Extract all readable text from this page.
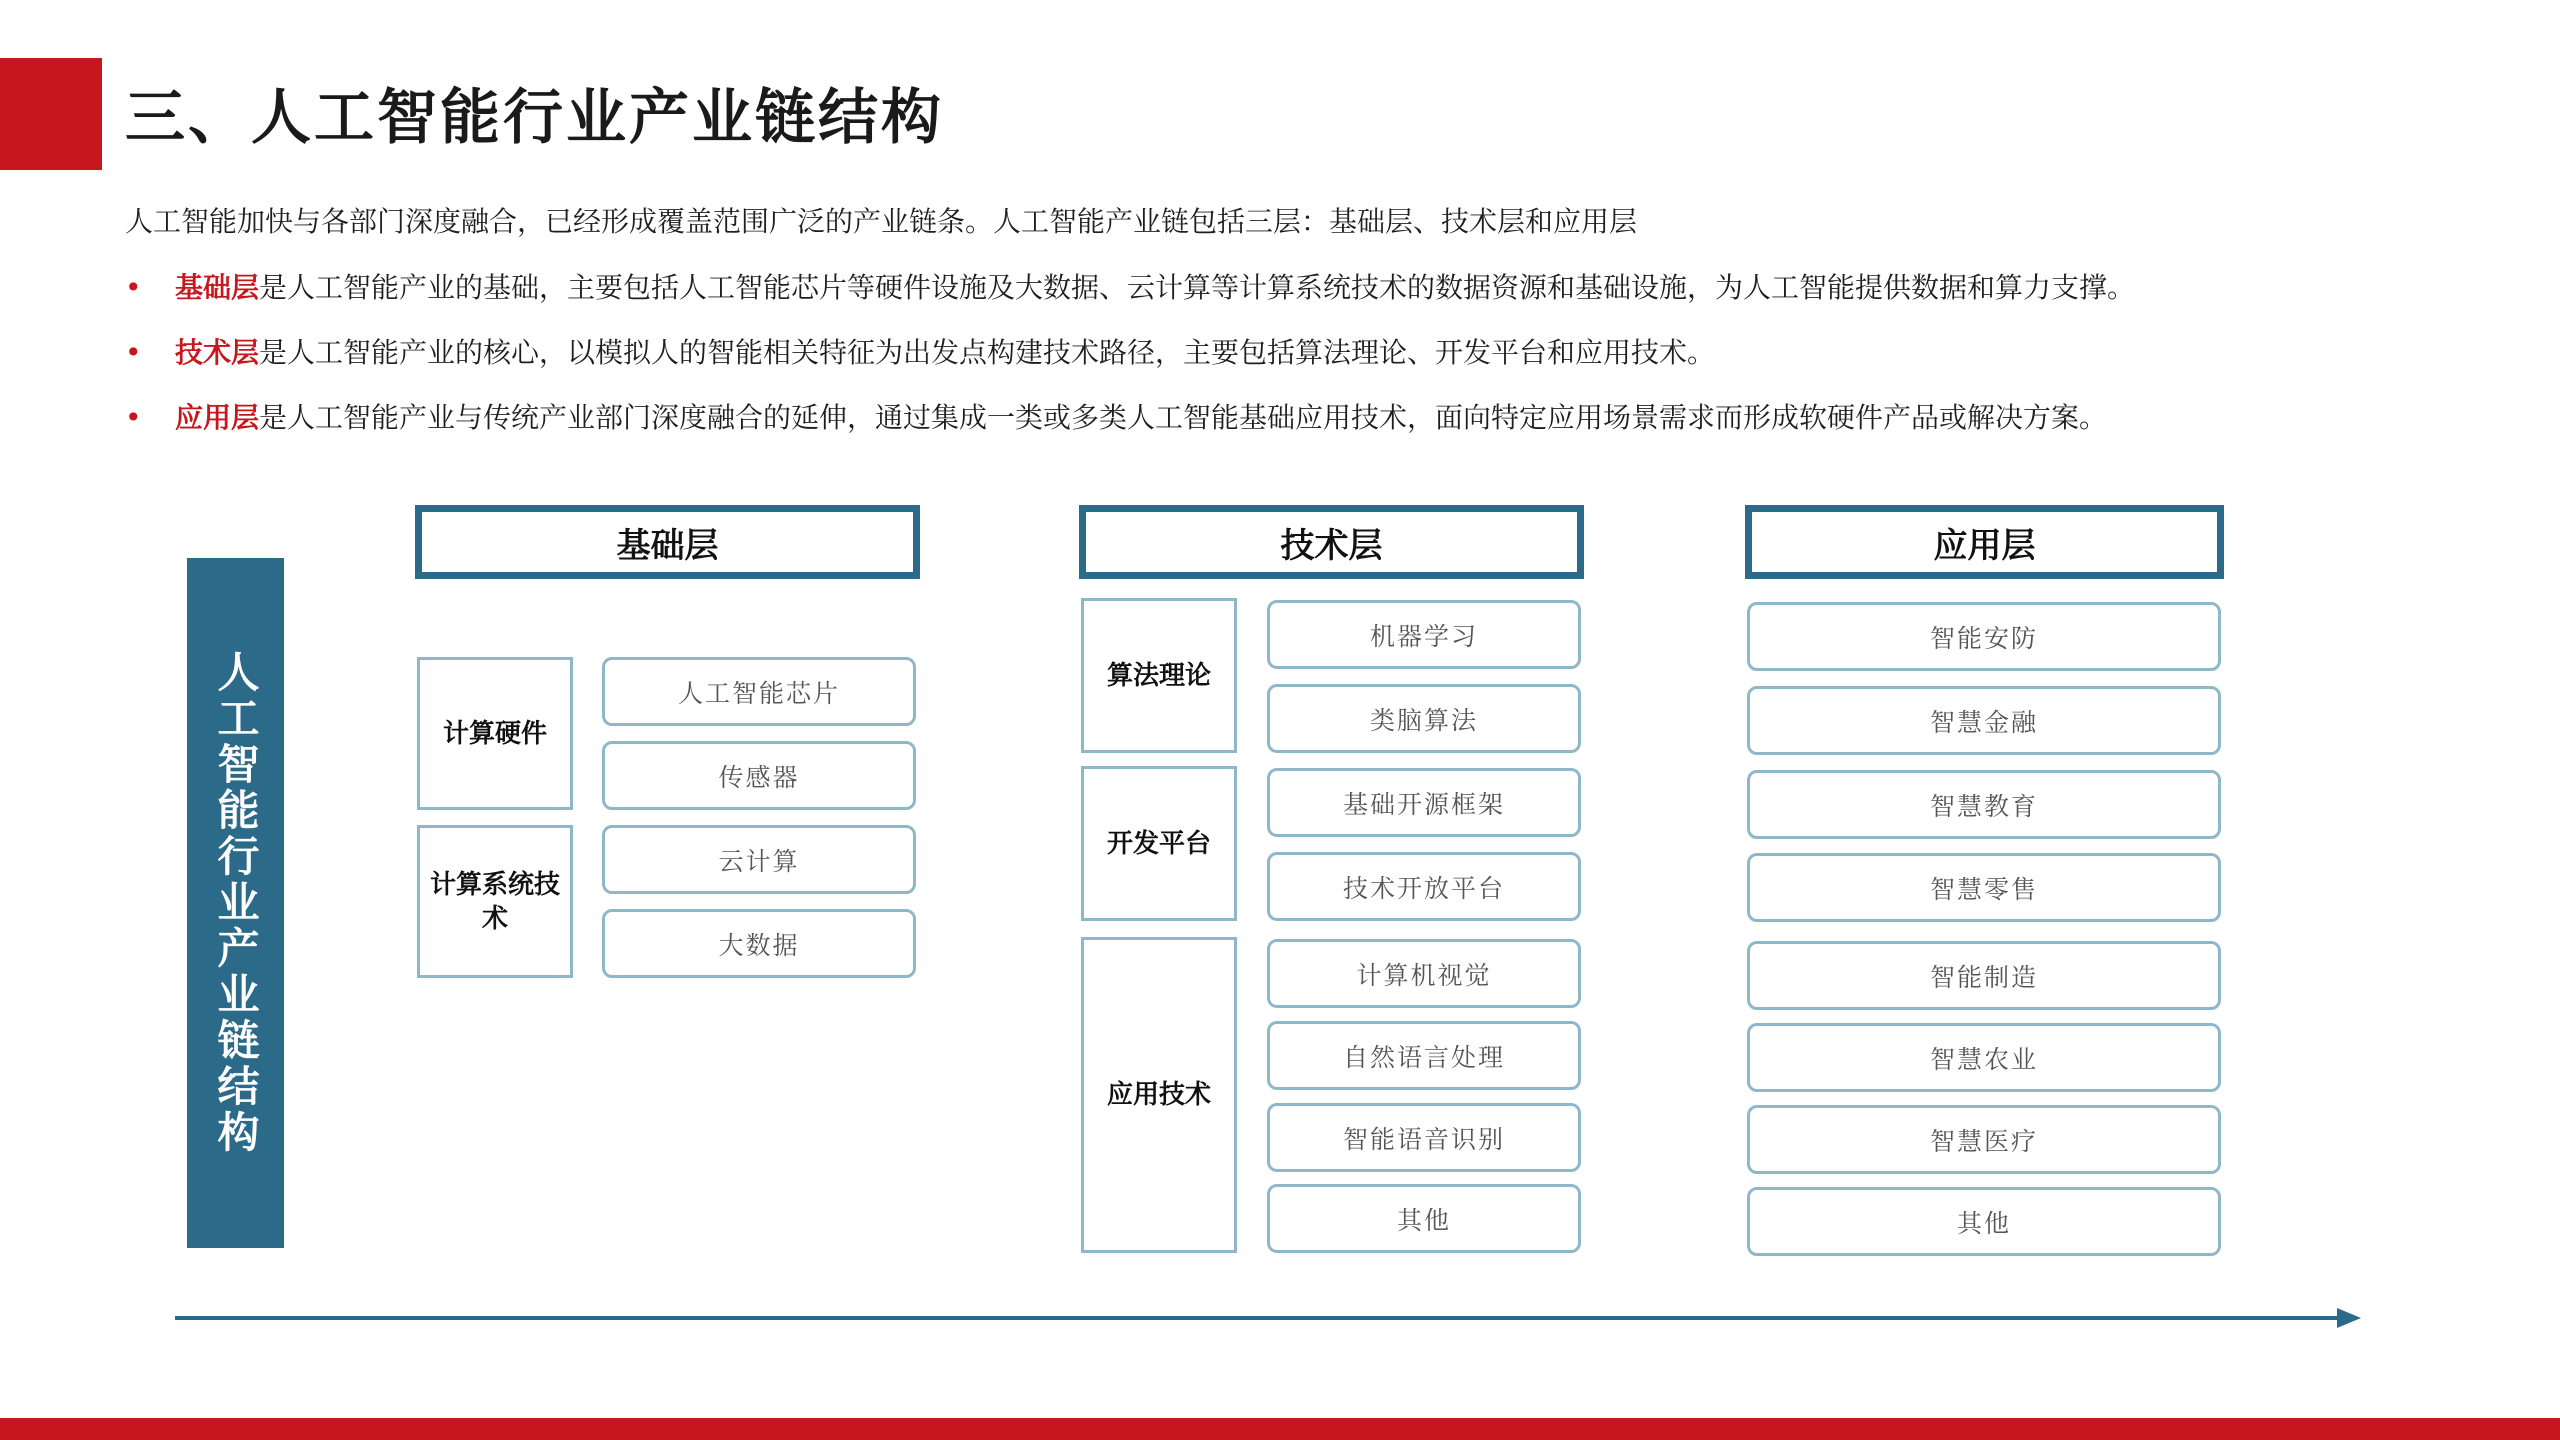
三、人工智能行业产业链结构
人工智能加快与各部门深度融合，已经形成覆盖范围广泛的产业链条。人工智能产业链包括三层：基础层、技术层和应用层
• 基础层是人工智能产业的基础，主要包括人工智能芯片等硬件设施及大数据、云计算等计算系统技术的数据资源和基础设施，为人工智能提供数据和算力支撑。
• 技术层是人工智能产业的核心，以模拟人的智能相关特征为出发点构建技术路径，主要包括算法理论、开发平台和应用技术。
• 应用层是人工智能产业与传统产业部门深度融合的延伸，通过集成一类或多类人工智能基础应用技术，面向特定应用场景需求而形成软硬件产品或解决方案。
人工智能行业产业链结构
基础层
计算硬件
计算系统技术
人工智能芯片
传感器
云计算
大数据
技术层
算法理论
开发平台
应用技术
机器学习
类脑算法
基础开源框架
技术开放平台
计算机视觉
自然语言处理
智能语音识别
其他
应用层
智能安防
智慧金融
智慧教育
智慧零售
智能制造
智慧农业
智慧医疗
其他
